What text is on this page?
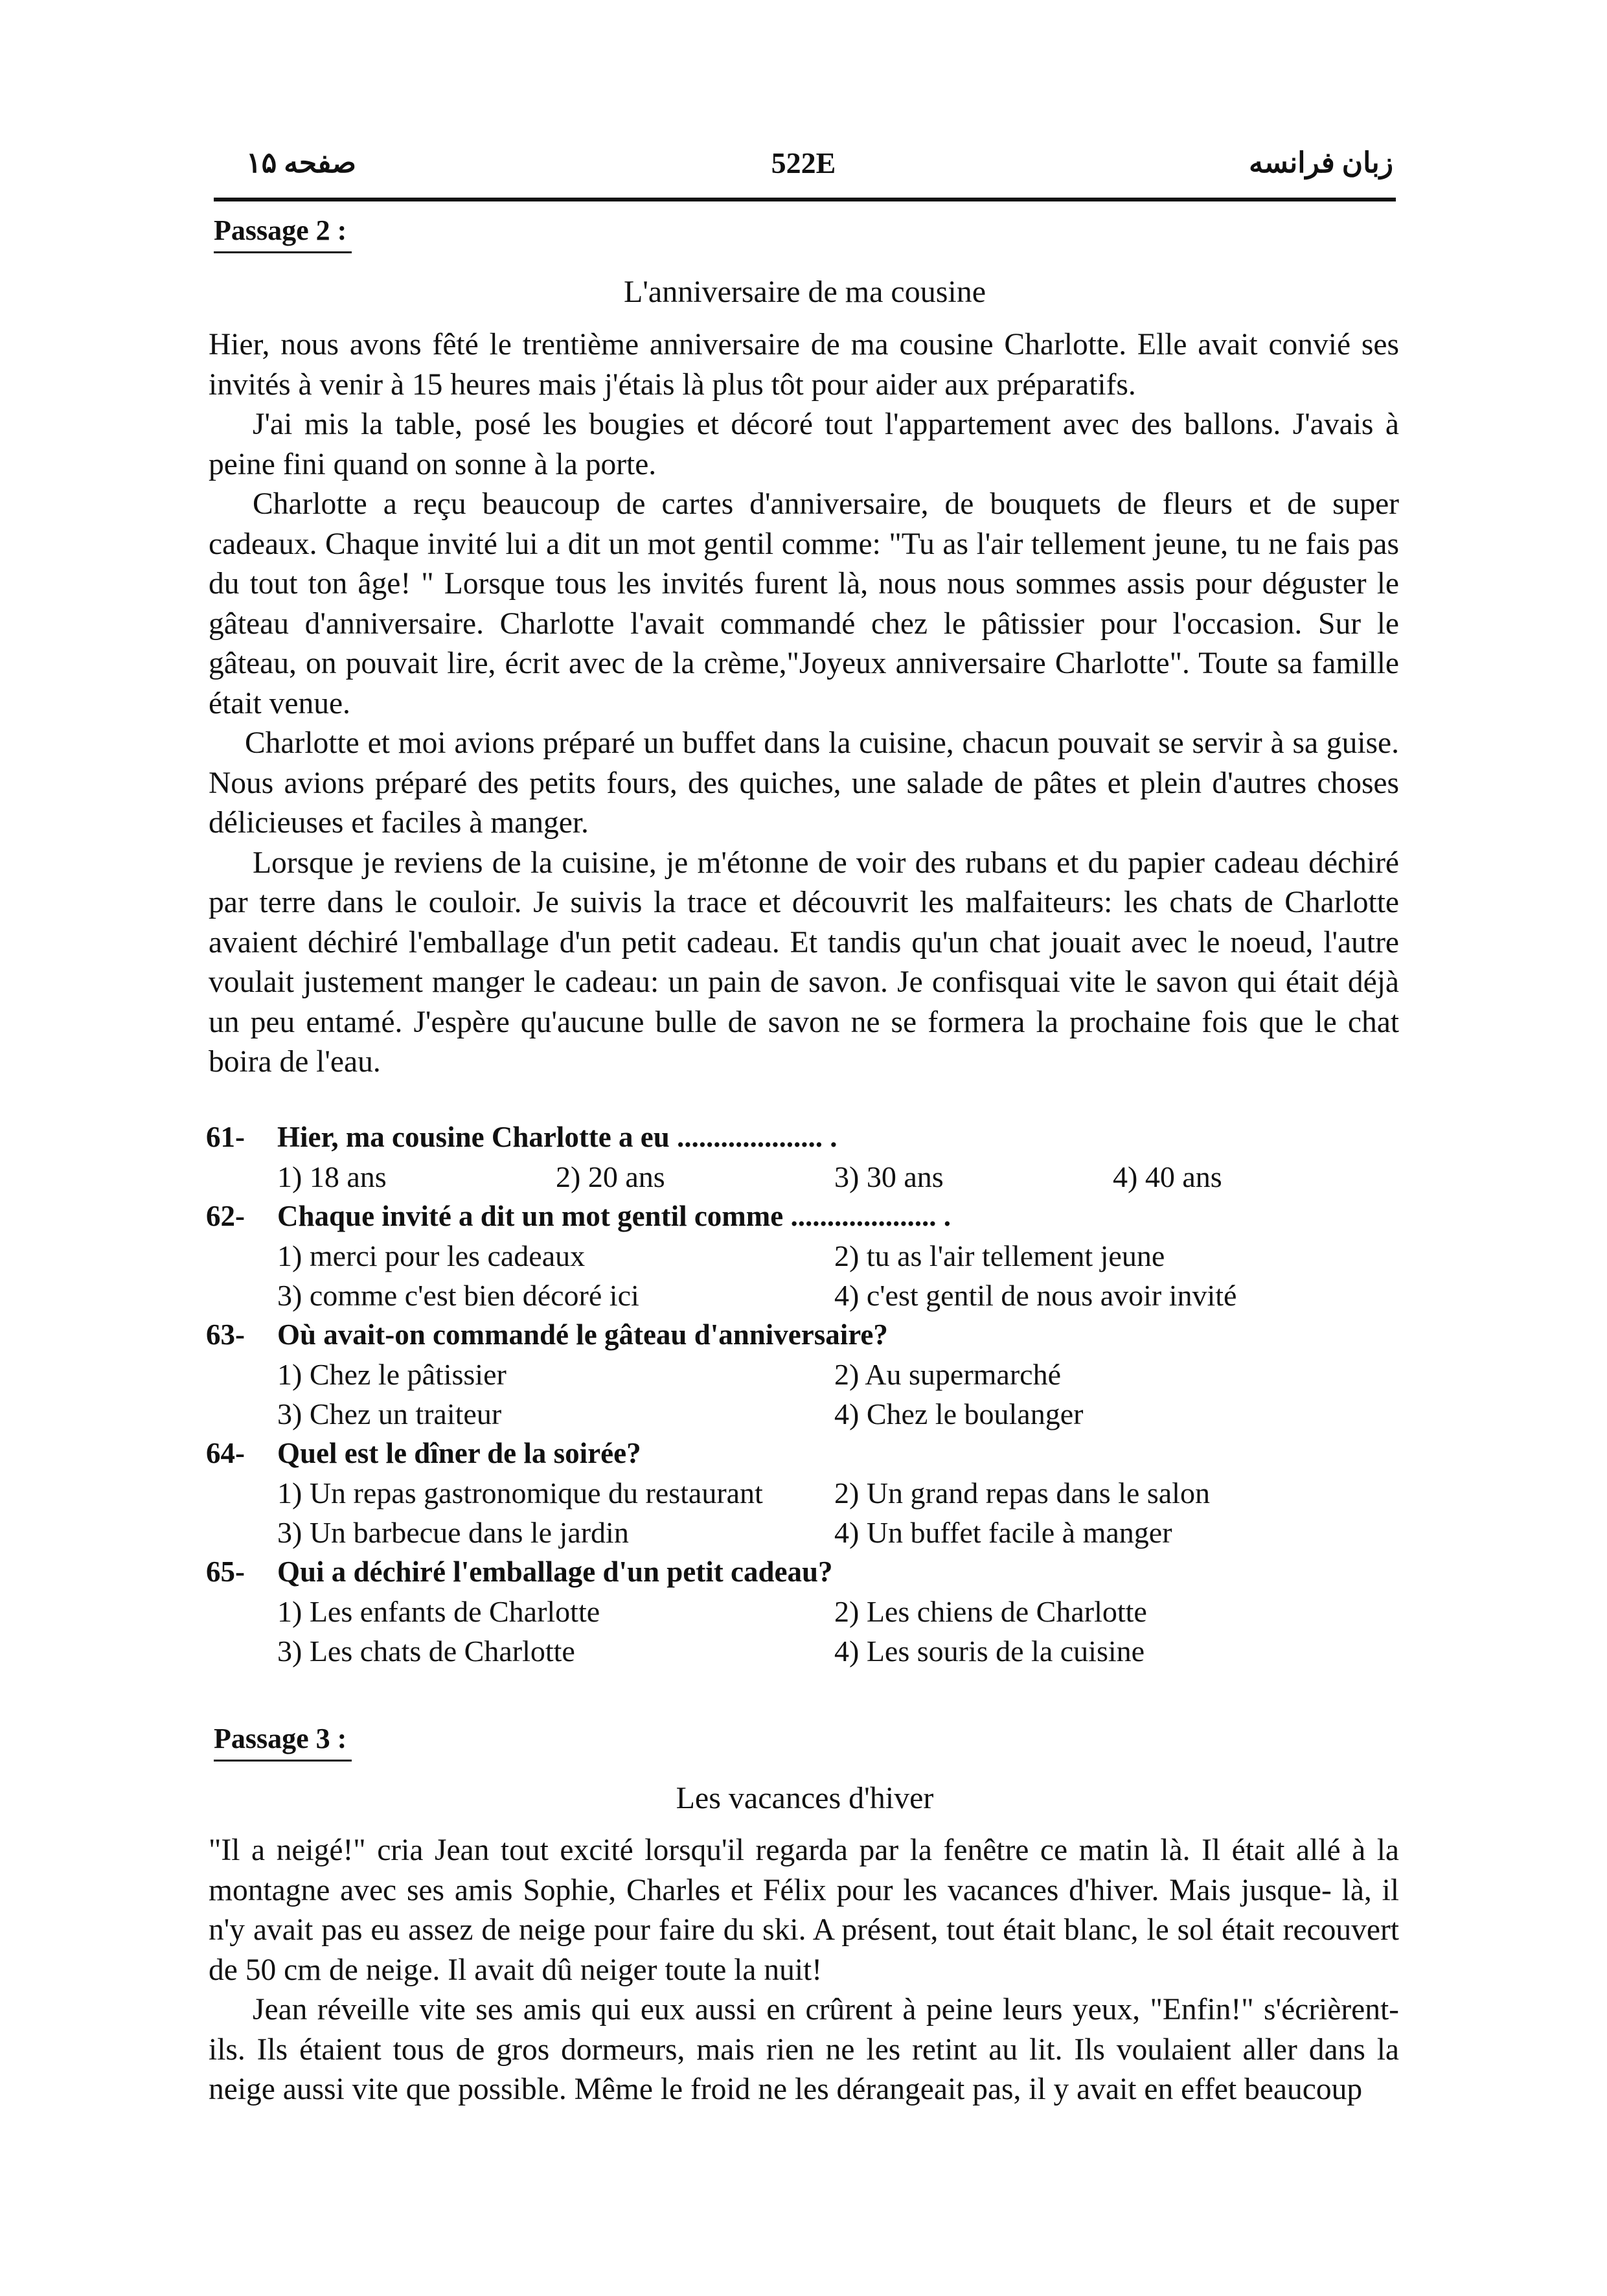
صفحه ۱۵	522E	زبان فرانسه
Passage 2 :
L'anniversaire de ma cousine

Hier, nous avons fêté le trentième anniversaire de ma cousine Charlotte. Elle avait convié ses invités à venir à 15 heures mais j'étais là plus tôt pour aider aux préparatifs.

J'ai mis la table, posé les bougies et décoré tout l'appartement avec des ballons. J'avais à peine fini quand on sonne à la porte.

Charlotte a reçu beaucoup de cartes d'anniversaire, de bouquets de fleurs et de super cadeaux. Chaque invité lui a dit un mot gentil comme: "Tu as l'air tellement jeune, tu ne fais pas du tout ton âge! " Lorsque tous les invités furent là, nous nous sommes assis pour déguster le gâteau d'anniversaire. Charlotte l'avait commandé chez le pâtissier pour l'occasion. Sur le gâteau, on pouvait lire, écrit avec de la crème,"Joyeux anniversaire Charlotte". Toute sa famille était venue.

Charlotte et moi avions préparé un buffet dans la cuisine, chacun pouvait se servir à sa guise. Nous avions préparé des petits fours, des quiches, une salade de pâtes et plein d'autres choses délicieuses et faciles à manger.

Lorsque je reviens de la cuisine, je m'étonne de voir des rubans et du papier cadeau déchiré par terre dans le couloir. Je suivis la trace et découvrit les malfaiteurs: les chats de Charlotte avaient déchiré l'emballage d'un petit cadeau. Et tandis qu'un chat jouait avec le noeud, l'autre voulait justement manger le cadeau: un pain de savon. Je confisquai vite le savon qui était déjà un peu entamé. J'espère qu'aucune bulle de savon ne se formera la prochaine fois que le chat boira de l'eau.

61- Hier, ma cousine Charlotte a eu .................... .
1) 18 ans	2) 20 ans	3) 30 ans	4) 40 ans
62- Chaque invité a dit un mot gentil comme .................... .
1) merci pour les cadeaux	2) tu as l'air tellement jeune
3) comme c'est bien décoré ici	4) c'est gentil de nous avoir invité
63- Où avait-on commandé le gâteau d'anniversaire?
1) Chez le pâtissier	2) Au supermarché
3) Chez un traiteur	4) Chez le boulanger
64- Quel est le dîner de la soirée?
1) Un repas gastronomique du restaurant 2) Un grand repas dans le salon
3) Un barbecue dans le jardin	4) Un buffet facile à manger
65- Qui a déchiré l'emballage d'un petit cadeau?
1) Les enfants de Charlotte	2) Les chiens de Charlotte
3) Les chats de Charlotte	4) Les souris de la cuisine
Passage 3 :
Les vacances d'hiver

"Il a neigé!" cria Jean tout excité lorsqu'il regarda par la fenêtre ce matin là. Il était allé à la montagne avec ses amis Sophie, Charles et Félix pour les vacances d'hiver. Mais jusque- là, il n'y avait pas eu assez de neige pour faire du ski. A présent, tout était blanc, le sol était recouvert de 50 cm de neige. Il avait dû neiger toute la nuit!

Jean réveille vite ses amis qui eux aussi en crûrent à peine leurs yeux, "Enfin!" s'écrièrent-ils. Ils étaient tous de gros dormeurs, mais rien ne les retint au lit. Ils voulaient aller dans la neige aussi vite que possible. Même le froid ne les dérangeait pas, il y avait en effet beaucoup
